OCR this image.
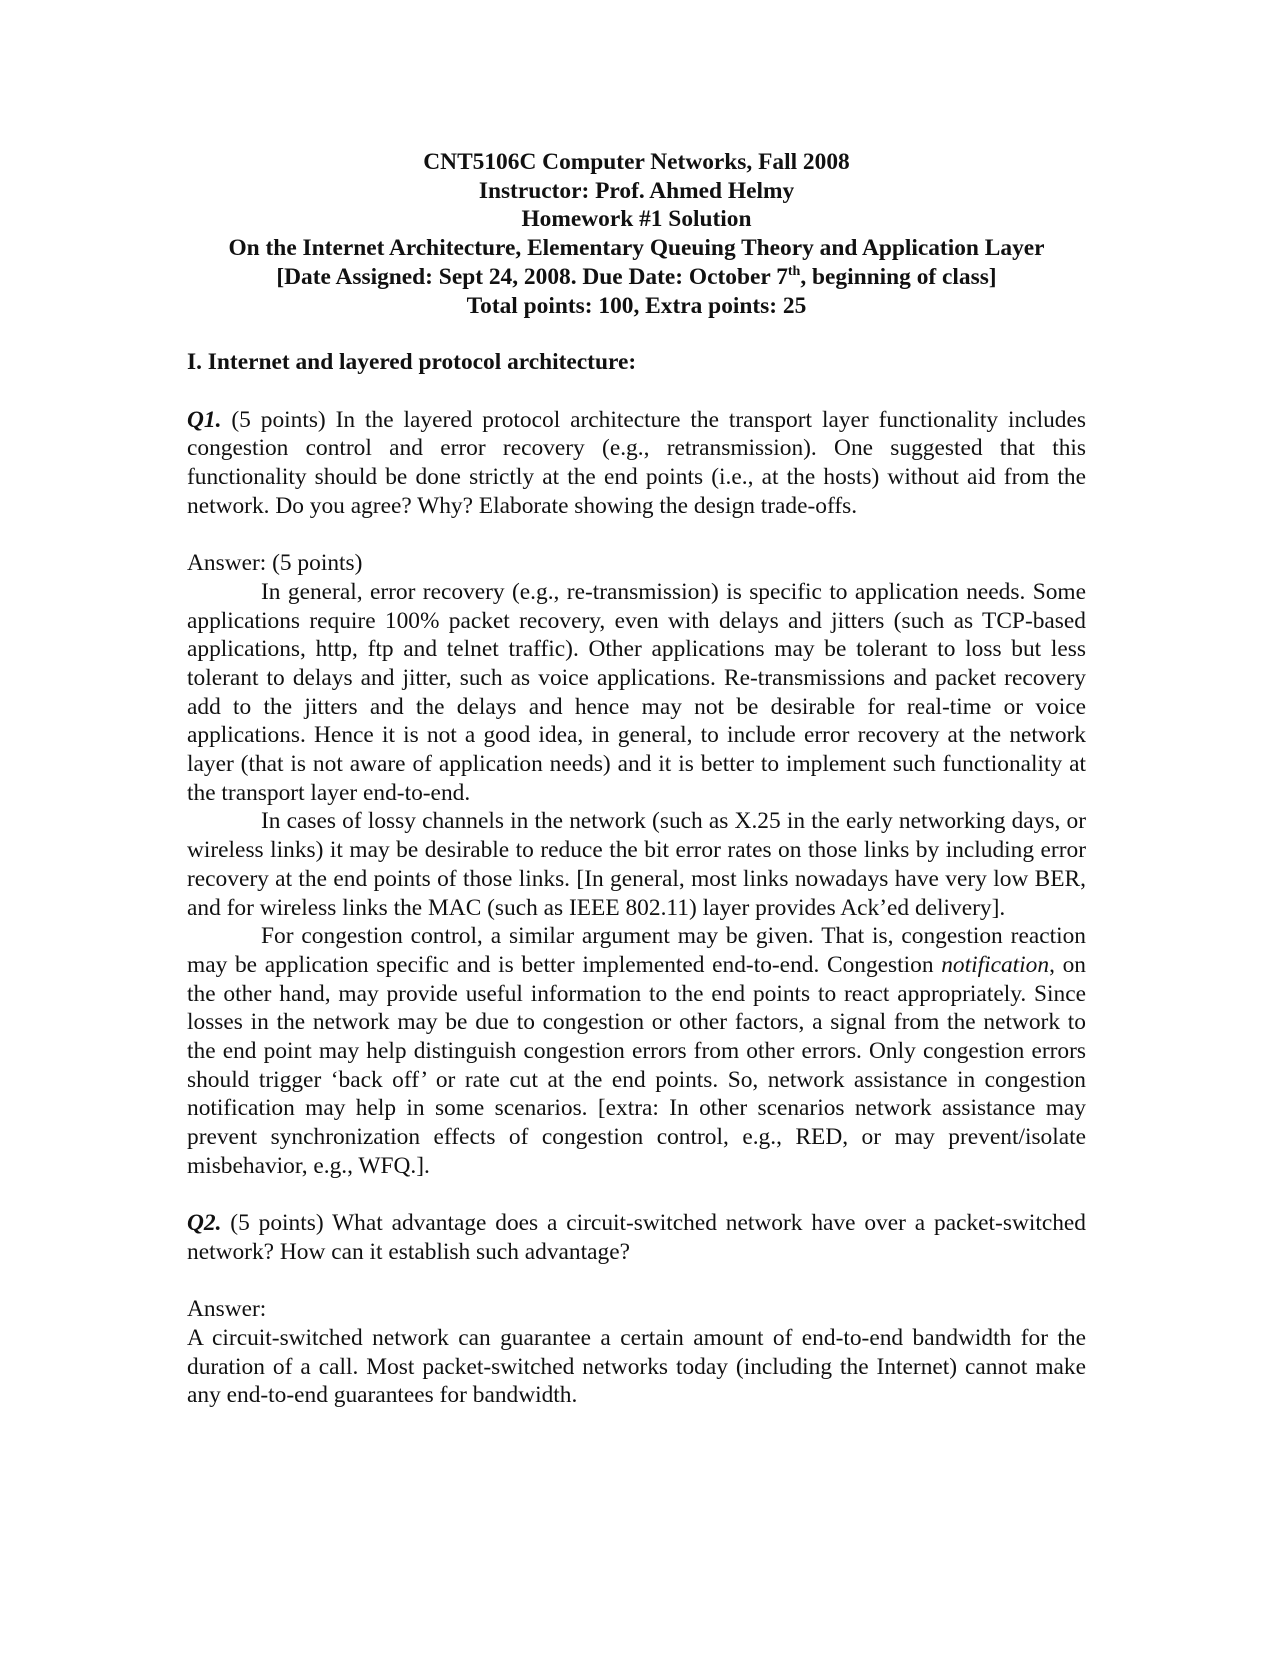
CNT5106C Computer Networks, Fall 2008
Instructor: Prof. Ahmed Helmy
Homework #1 Solution
On the Internet Architecture, Elementary Queuing Theory and Application Layer
[Date Assigned: Sept 24, 2008. Due Date: October 7th, beginning of class]
Total points: 100, Extra points: 25
I. Internet and layered protocol architecture:

Q1. (5 points) In the layered protocol architecture the transport layer functionality includes congestion control and error recovery (e.g., retransmission). One suggested that this functionality should be done strictly at the end points (i.e., at the hosts) without aid from the network. Do you agree? Why? Elaborate showing the design trade-offs.

Answer: (5 points)

In general, error recovery (e.g., re-transmission) is specific to application needs. Some applications require 100% packet recovery, even with delays and jitters (such as TCP-based applications, http, ftp and telnet traffic). Other applications may be tolerant to loss but less tolerant to delays and jitter, such as voice applications. Re-transmissions and packet recovery add to the jitters and the delays and hence may not be desirable for real-time or voice applications. Hence it is not a good idea, in general, to include error recovery at the network layer (that is not aware of application needs) and it is better to implement such functionality at the transport layer end-to-end.

In cases of lossy channels in the network (such as X.25 in the early networking days, or wireless links) it may be desirable to reduce the bit error rates on those links by including error recovery at the end points of those links. [In general, most links nowadays have very low BER, and for wireless links the MAC (such as IEEE 802.11) layer provides Ack’ed delivery].

For congestion control, a similar argument may be given. That is, congestion reaction may be application specific and is better implemented end-to-end. Congestion notification, on the other hand, may provide useful information to the end points to react appropriately. Since losses in the network may be due to congestion or other factors, a signal from the network to the end point may help distinguish congestion errors from other errors. Only congestion errors should trigger ‘back off’ or rate cut at the end points. So, network assistance in congestion notification may help in some scenarios. [extra: In other scenarios network assistance may prevent synchronization effects of congestion control, e.g., RED, or may prevent/isolate misbehavior, e.g., WFQ.].

Q2. (5 points) What advantage does a circuit-switched network have over a packet-switched network? How can it establish such advantage?

Answer:

A circuit-switched network can guarantee a certain amount of end-to-end bandwidth for the duration of a call. Most packet-switched networks today (including the Internet) cannot make any end-to-end guarantees for bandwidth.
